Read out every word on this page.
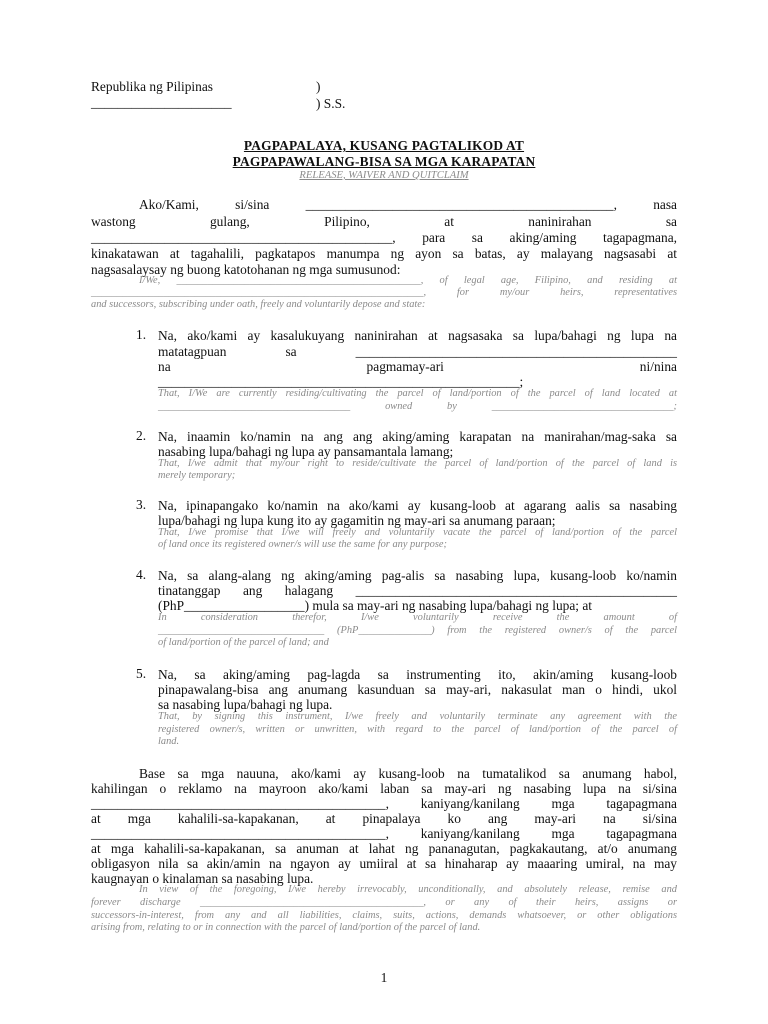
Republika ng Pilipinas	)
_____________________	) S.S.
PAGPAPALAYA, KUSANG PAGTALIKOD AT
PAGPAPAWALANG-BISA SA MGA KARAPATAN
RELEASE, WAIVER AND QUITCLAIM
Ako/Kami, si/sina ______________________________________________, nasa
wastong gulang, Pilipino, at naninirahan sa
_____________________________________________, para sa aking/aming tagapagmana,
kinakatawan at tagahalili, pagkatapos manumpa ng ayon sa batas, ay malayang nagsasabi at
nagsasalaysay ng buong katotohanan ng mga sumusunod:
I/We, _______________________________________________, of legal age, Filipino, and residing at
________________________________________________________________, for my/our heirs, representatives
and successors, subscribing under oath, freely and voluntarily depose and state:
1. Na, ako/kami ay kasalukuyang naninirahan at nagsasaka sa lupa/bahagi ng lupa na
matatagpuan sa ________________________________________________
na pagmamay-ari ni/nina
______________________________________________________;
That, I/We are currently residing/cultivating the parcel of land/portion of the parcel of land located at
_____________________________________ owned by ___________________________________;
2. Na, inaamin ko/namin na ang ang aking/aming karapatan na manirahan/mag-saka sa
nasabing lupa/bahagi ng lupa ay pansamantala lamang;
That, I/we admit that my/our right to reside/cultivate the parcel of land/portion of the parcel of land is
merely temporary;
3. Na, ipinapangako ko/namin na ako/kami ay kusang-loob at agarang aalis sa nasabing
lupa/bahagi ng lupa kung ito ay gagamitin ng may-ari sa anumang paraan;
That, I/we promise that I/we will freely and voluntarily vacate the parcel of land/portion of the parcel
of land once its registered owner/s will use the same for any purpose;
4. Na, sa alang-alang ng aking/aming pag-alis sa nasabing lupa, kusang-loob ko/namin
tinatanggap ang halagang ________________________________________________
(PhP__________________) mula sa may-ari ng nasabing lupa/bahagi ng lupa; at
In consideration therefor, I/we voluntarily receive the amount of
________________________________ (PhP______________) from the registered owner/s of the parcel
of land/portion of the parcel of land; and
5. Na, sa aking/aming pag-lagda sa instrumenting ito, akin/aming kusang-loob
pinapawalang-bisa ang anumang kasunduan sa may-ari, nakasulat man o hindi, ukol
sa nasabing lupa/bahagi ng lupa.
That, by signing this instrument, I/we freely and voluntarily terminate any agreement with the
registered owner/s, written or unwritten, with regard to the parcel of land/portion of the parcel of
land.
Base sa mga nauuna, ako/kami ay kusang-loob na tumatalikod sa anumang habol,
kahilingan o reklamo na mayroon ako/kami laban sa may-ari ng nasabing lupa na si/sina
____________________________________________, kaniyang/kanilang mga tagapagmana
at mga kahalili-sa-kapakanan, at pinapalaya ko ang may-ari na si/sina
____________________________________________, kaniyang/kanilang mga tagapagmana
at mga kahalili-sa-kapakanan, sa anuman at lahat ng pananagutan, pagkakautang, at/o anumang
obligasyon nila sa akin/amin na ngayon ay umiiral at sa hinaharap ay maaaring umiral, na may
kaugnayan o kinalaman sa nasabing lupa.
In view of the foregoing, I/we hereby irrevocably, unconditionally, and absolutely release, remise and
forever discharge ___________________________________________, or any of their heirs, assigns or
successors-in-interest, from any and all liabilities, claims, suits, actions, demands whatsoever, or other obligations
arising from, relating to or in connection with the parcel of land/portion of the parcel of land.
1
